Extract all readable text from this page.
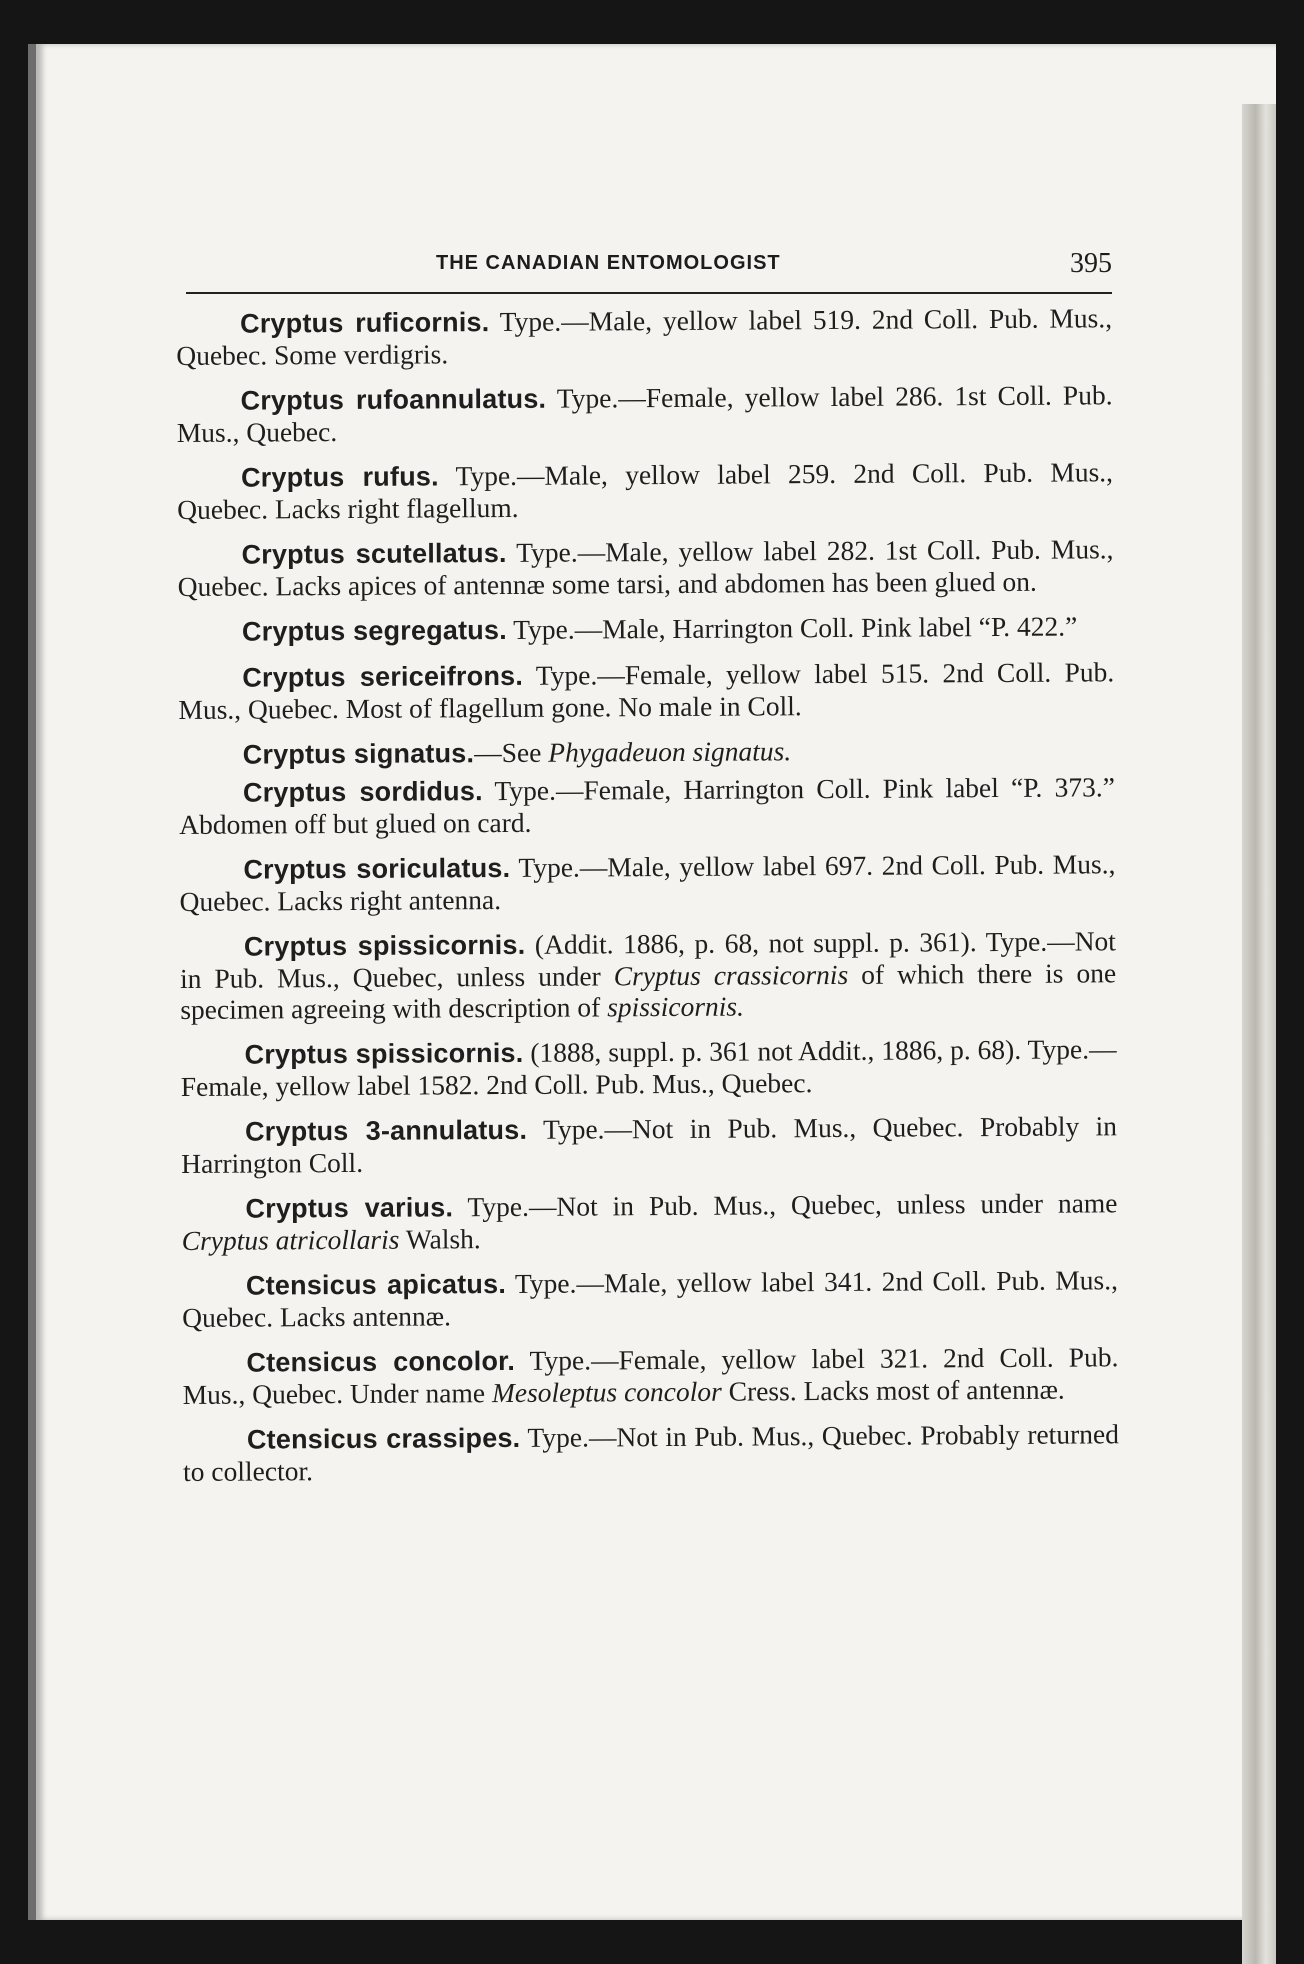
THE CANADIAN ENTOMOLOGIST	395

Cryptus ruficornis. Type.—Male, yellow label 519. 2nd Coll. Pub. Mus., Quebec. Some verdigris.

Cryptus rufoannulatus. Type.—Female, yellow label 286. 1st Coll. Pub. Mus., Quebec.

Cryptus rufus. Type.—Male, yellow label 259. 2nd Coll. Pub. Mus., Quebec. Lacks right flagellum.

Cryptus scutellatus. Type.—Male, yellow label 282. 1st Coll. Pub. Mus., Quebec. Lacks apices of antennæ some tarsi, and abdomen has been glued on.

Cryptus segregatus. Type.—Male, Harrington Coll. Pink label “P. 422.”

Cryptus sericeifrons. Type.—Female, yellow label 515. 2nd Coll. Pub. Mus., Quebec. Most of flagellum gone. No male in Coll.

Cryptus signatus.—See Phygadeuon signatus.

Cryptus sordidus. Type.—Female, Harrington Coll. Pink label “P. 373.” Abdomen off but glued on card.

Cryptus soriculatus. Type.—Male, yellow label 697. 2nd Coll. Pub. Mus., Quebec. Lacks right antenna.

Cryptus spissicornis. (Addit. 1886, p. 68, not suppl. p. 361). Type.—Not in Pub. Mus., Quebec, unless under Cryptus crassicornis of which there is one specimen agreeing with description of spissicornis.

Cryptus spissicornis. (1888, suppl. p. 361 not Addit., 1886, p. 68). Type.—Female, yellow label 1582. 2nd Coll. Pub. Mus., Quebec.

Cryptus 3-annulatus. Type.—Not in Pub. Mus., Quebec. Probably in Harrington Coll.

Cryptus varius. Type.—Not in Pub. Mus., Quebec, unless under name Cryptus atricollaris Walsh.

Ctensicus apicatus. Type.—Male, yellow label 341. 2nd Coll. Pub. Mus., Quebec. Lacks antennæ.

Ctensicus concolor. Type.—Female, yellow label 321. 2nd Coll. Pub. Mus., Quebec. Under name Mesoleptus concolor Cress. Lacks most of antennæ.

Ctensicus crassipes. Type.—Not in Pub. Mus., Quebec. Probably returned to collector.
